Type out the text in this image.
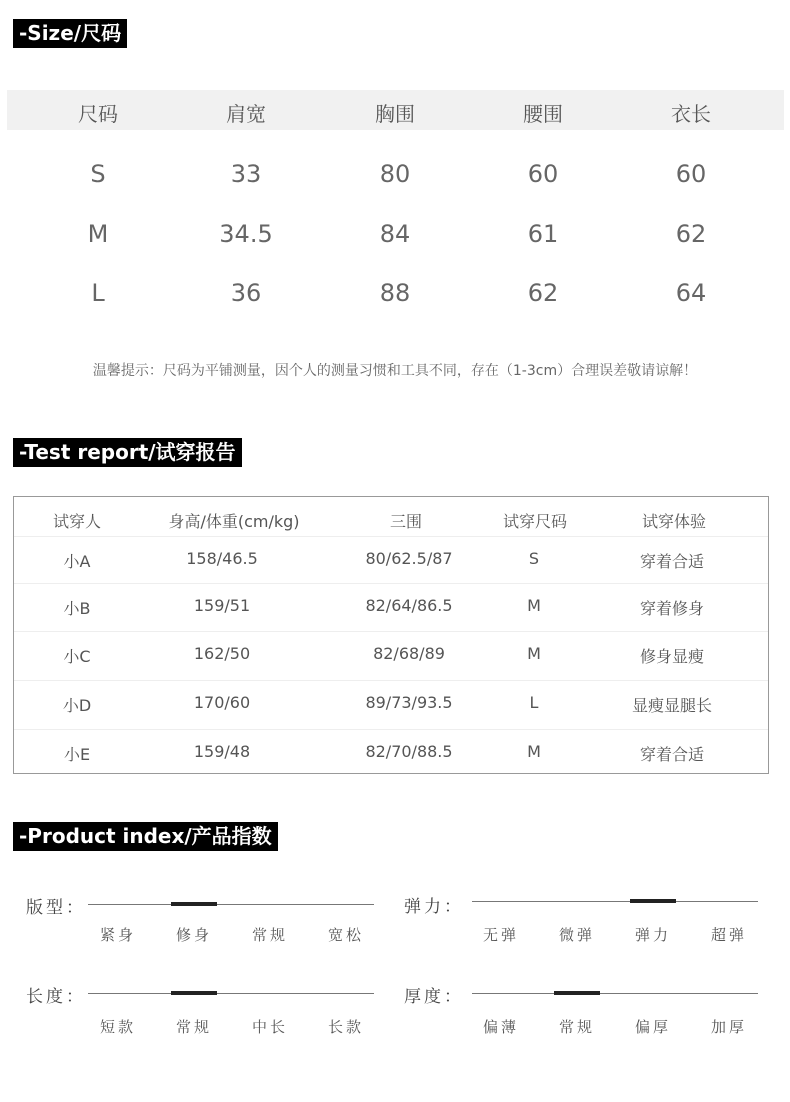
-Size/尺码
-Test report/试穿报告
-Product index/产品指数
尺码	肩宽	胸围	腰围	衣长
S	33	80	60	60
M	34.5	84	61	62
L	36	88	62	64
温馨提示：尺码为平铺测量，因个人的测量习惯和工具不同，存在（1-3cm）合理误差敬请谅解！
试穿人	身高/体重(cm/kg)	三围	试穿尺码	试穿体验
小A	158/46.5	80/62.5/87	S	穿着合适
小B	159/51	82/64/86.5	M	穿着修身
小C	162/50	82/68/89	M	修身显瘦
小D	170/60	89/73/93.5	L	显瘦显腿长
小E	159/48	82/70/88.5	M	穿着合适
版型：
紧身	修身	常规	宽松
弹力：
无弹	微弹	弹力	超弹
长度：
短款	常规	中长	长款
厚度：
偏薄	常规	偏厚	加厚
